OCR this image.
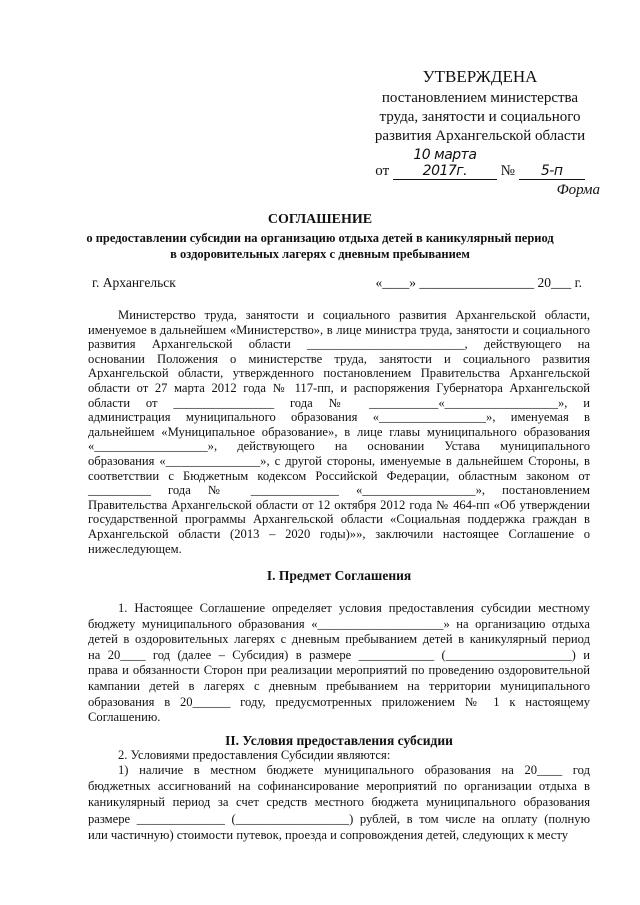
УТВЕРЖДЕНА
постановлением министерства
труда, занятости и социального
развития Архангельской области
от 10 марта 2017г. № 5-п
Форма
СОГЛАШЕНИЕ
о предоставлении субсидии на организацию отдыха детей в каникулярный период
в оздоровительных лагерях с дневным пребыванием
г. Архангельск	«____» _________________ 20___ г.
Министерство труда, занятости и социального развития Архангельской области,
именуемое в дальнейшем «Министерство», в лице министра труда, занятости и социального
развития Архангельской области _________________________, действующего на
основании Положения о министерстве труда, занятости и социального развития
Архангельской области, утвержденного постановлением Правительства Архангельской
области от 27 марта 2012 года № 117-пп, и распоряжения Губернатора Архангельской
области от ________________ года № ___________«__________________», и
администрация муниципального образования «_________________», именуемая в
дальнейшем «Муниципальное образование», в лице главы муниципального образования
«__________________», действующего на основании Устава муниципального
образования «_______________», с другой стороны, именуемые в дальнейшем Стороны, в
соответствии с Бюджетным кодексом Российской Федерации, областным законом от
__________ года № ______________ «__________________», постановлением
Правительства Архангельской области от 12 октября 2012 года № 464-пп «Об утверждении
государственной программы Архангельской области «Социальная поддержка граждан в
Архангельской области (2013 – 2020 годы)»», заключили настоящее Соглашение о
нижеследующем.
I. Предмет Соглашения
1. Настоящее Соглашение определяет условия предоставления субсидии местному
бюджету муниципального образования «____________________» на организацию отдыха
детей в оздоровительных лагерях с дневным пребыванием детей в каникулярный период
на 20____ год (далее – Субсидия) в размере ____________ (____________________) и
права и обязанности Сторон при реализации мероприятий по проведению оздоровительной
кампании детей в лагерях с дневным пребыванием на территории муниципального
образования в 20______ году, предусмотренных приложением № 1 к настоящему
Соглашению.
II. Условия предоставления субсидии
2. Условиями предоставления Субсидии являются:
1) наличие в местном бюджете муниципального образования на 20____ год
бюджетных ассигнований на софинансирование мероприятий по организации отдыха в
каникулярный период за счет средств местного бюджета муниципального образования
размере ______________ (__________________) рублей, в том числе на оплату (полную
или частичную) стоимости путевок, проезда и сопровождения детей, следующих к месту
